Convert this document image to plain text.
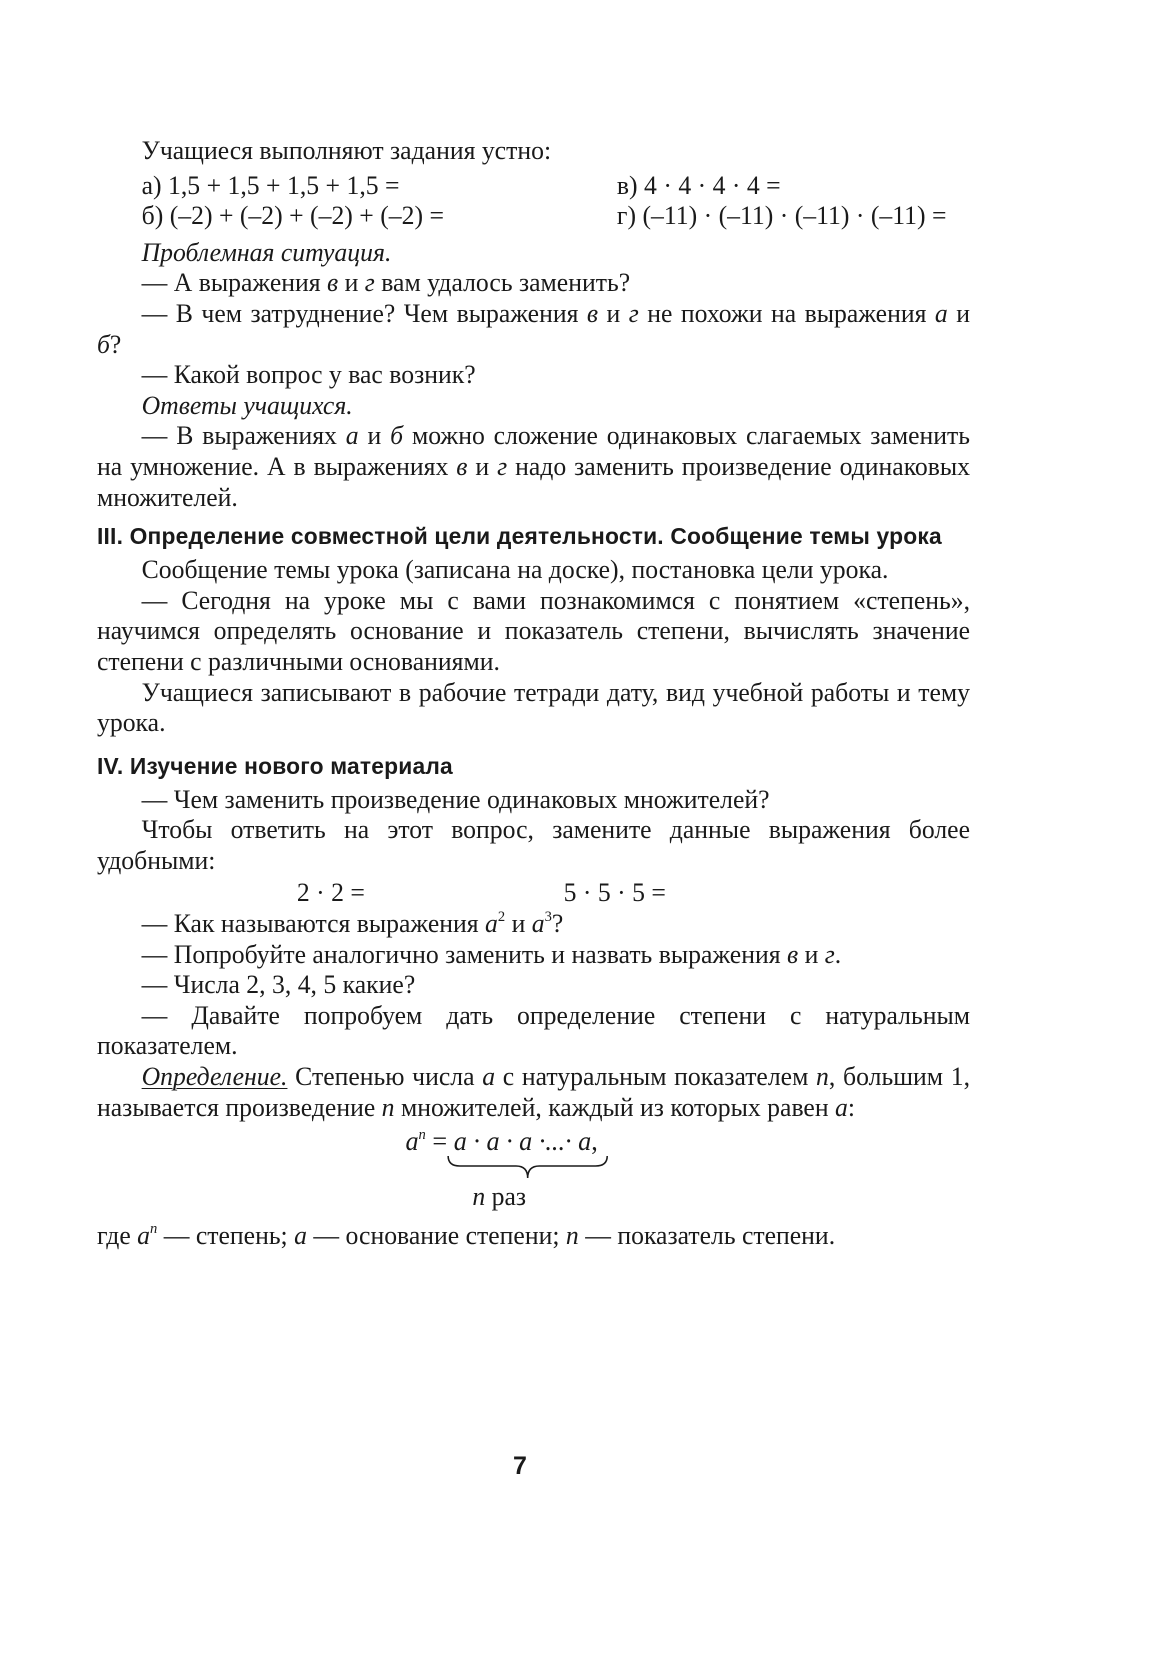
Учащиеся выполняют задания устно:

а) 1,5 + 1,5 + 1,5 + 1,5 =	в) 4 · 4 · 4 · 4 =
б) (–2) + (–2) + (–2) + (–2) =	г) (–11) · (–11) · (–11) · (–11) =

Проблемная ситуация.

— А выражения в и г вам удалось заменить?

— В чем затруднение? Чем выражения в и г не похожи на выражения а и б?

— Какой вопрос у вас возник?

Ответы учащихся.

— В выражениях а и б можно сложение одинаковых слагаемых заменить на умножение. А в выражениях в и г надо заменить произведение одинаковых множителей.

III. Определение совместной цели деятельности. Сообщение темы урока

Сообщение темы урока (записана на доске), постановка цели урока.

— Сегодня на уроке мы с вами познакомимся с понятием «степень», научимся определять основание и показатель степени, вычислять значение степени с различными основаниями.

Учащиеся записывают в рабочие тетради дату, вид учебной работы и тему урока.

IV. Изучение нового материала

— Чем заменить произведение одинаковых множителей?

Чтобы ответить на этот вопрос, замените данные выражения более удобными:

2 · 2 =	5 · 5 · 5 =

— Как называются выражения $а^2$ и $а^3$?

— Попробуйте аналогично заменить и назвать выражения в и г.

— Числа 2, 3, 4, 5 какие?

— Давайте попробуем дать определение степени с натуральным показателем.

Определение. Степенью числа а с натуральным показателем n, большим 1, называется произведение n множителей, каждый из которых равен а:

$a^n = a \cdot a \cdot a$ ·...· a,
n раз

где $a^n$ — степень; а — основание степени; n — показатель степени.

7
